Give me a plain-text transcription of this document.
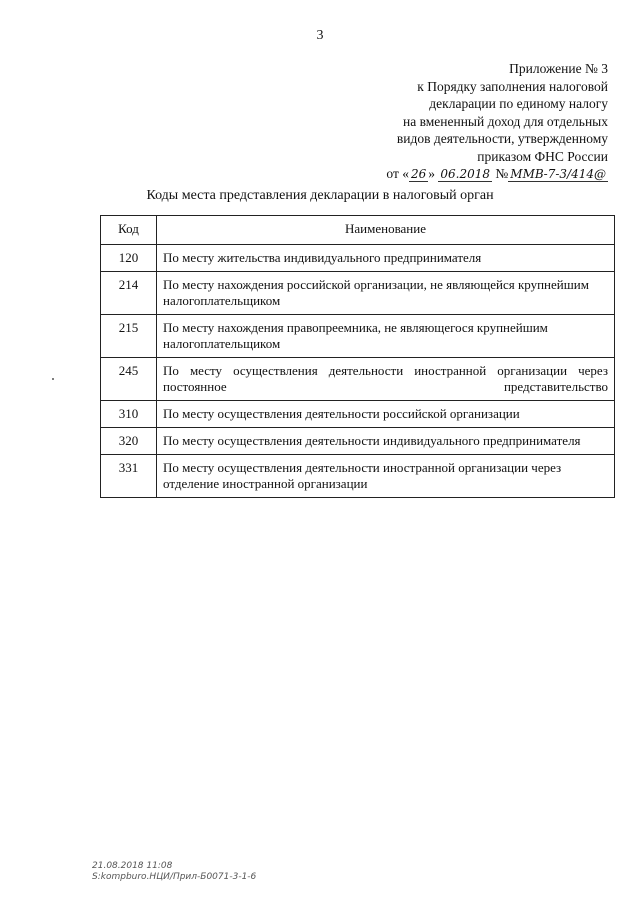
3
Приложение № 3
к Порядку заполнения налоговой
декларации по единому налогу
на вмененный доход для отдельных
видов деятельности, утвержденному
приказом ФНС России
от « 26 » 06.2018 № ММВ-7-3/414@
Коды места представления декларации в налоговый орган
Код	Наименование
120	По месту жительства индивидуального предпринимателя
214	По месту нахождения российской организации, не являющейся крупнейшим налогоплательщиком
215	По месту нахождения правопреемника, не являющегося крупнейшим налогоплательщиком
245	По месту осуществления деятельности иностранной организации через постоянное представительство
310	По месту осуществления деятельности российской организации
320	По месту осуществления деятельности индивидуального предпринимателя
331	По месту осуществления деятельности иностранной организации через отделение иностранной организации
21.08.2018 11:08
S:kompburo.НЦИ/Прил-Б0071-3-1-6
